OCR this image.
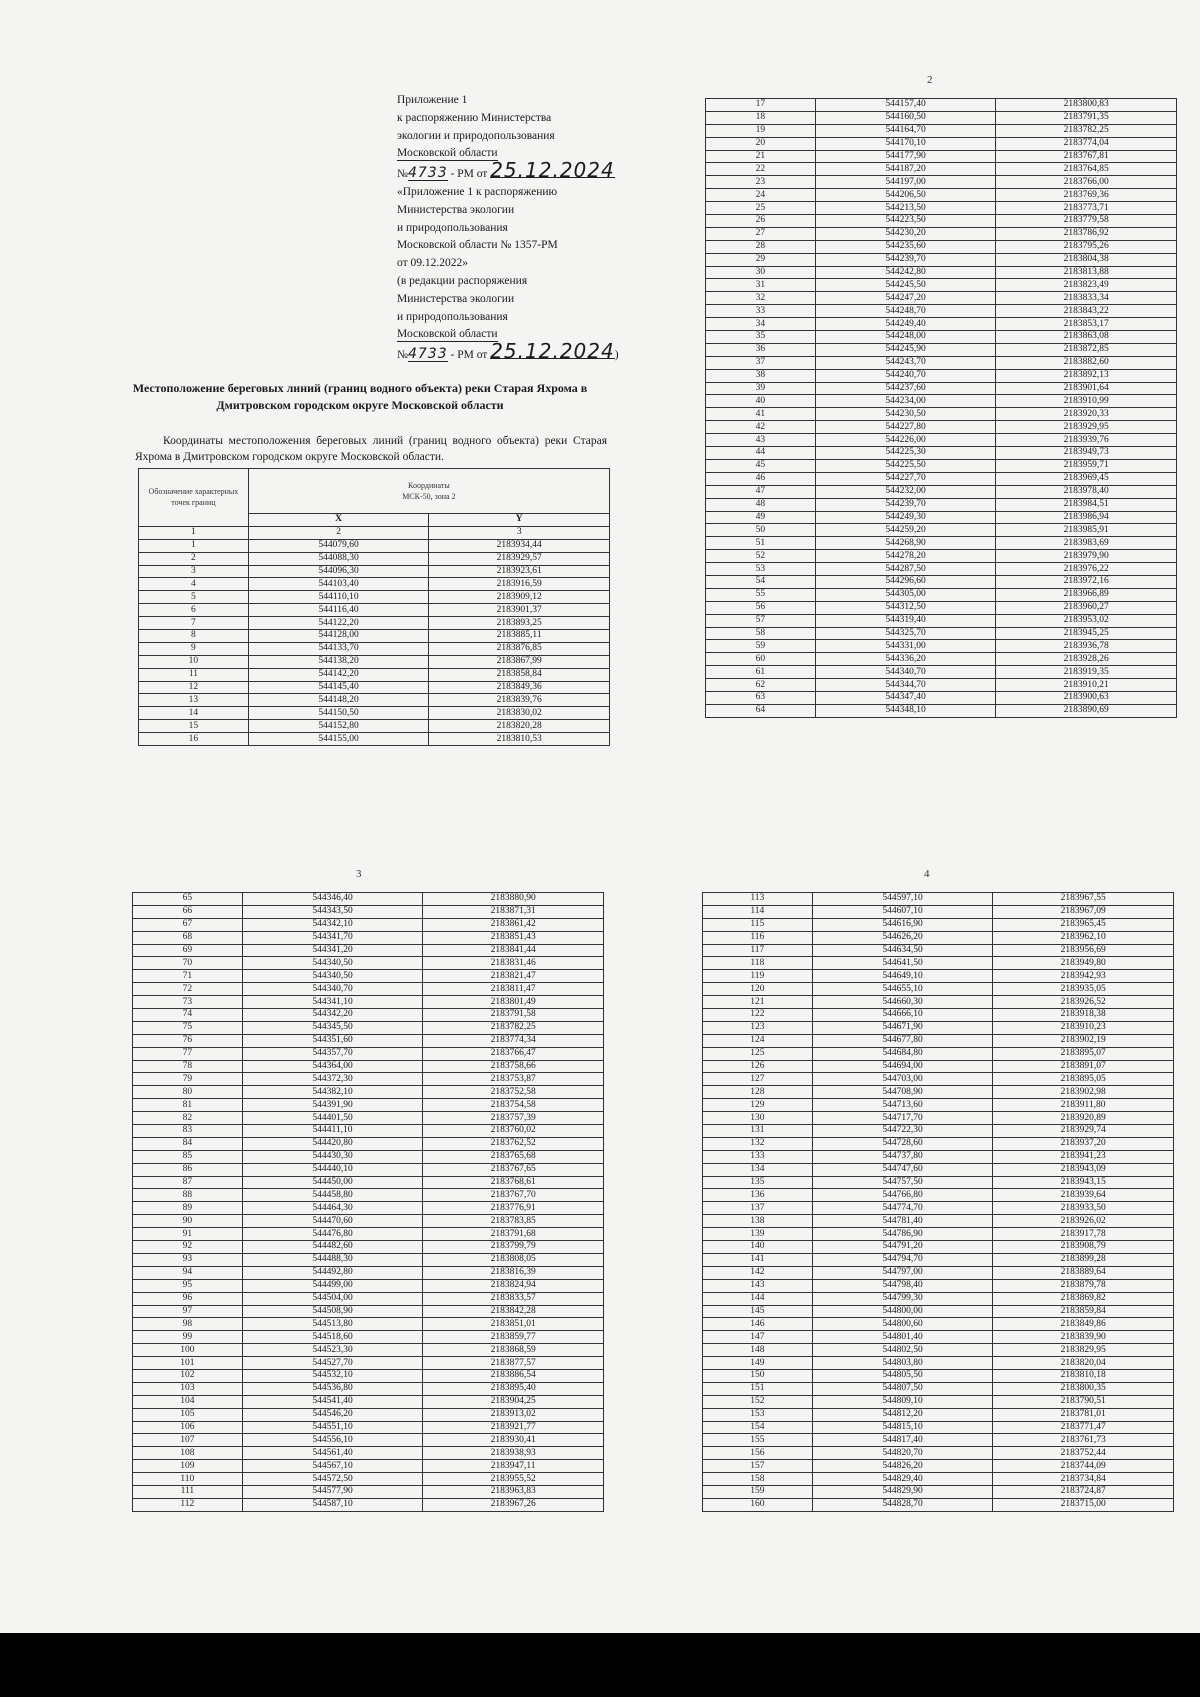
Приложение 1
к распоряжению Министерства
экологии и природопользования
Московской области
№4733 - РМ от 25.12.2024
«Приложение 1 к распоряжению
Министерства экологии
и природопользования
Московской области № 1357-РМ
от 09.12.2022»
(в редакции распоряжения
Министерства экологии
и природопользования
Московской области
№4733 - РМ от 25.12.2024)
Местоположение береговых линий (границ водного объекта) реки Старая Яхрома в Дмитровском городском округе Московской области
Координаты местоположения береговых линий (границ водного объекта) реки Старая Яхрома в Дмитровском городском округе Московской области.
Обозначение характерных точек границ	Координаты
МСК-50, зона 2	

	X	Y
1	2	3
1	544079,60	2183934,44
2	544088,30	2183929,57
3	544096,30	2183923,61
4	544103,40	2183916,59
5	544110,10	2183909,12
6	544116,40	2183901,37
7	544122,20	2183893,25
8	544128,00	2183885,11
9	544133,70	2183876,85
10	544138,20	2183867,99
11	544142,20	2183858,84
12	544145,40	2183849,36
13	544148,20	2183839,76
14	544150,50	2183830,02
15	544152,80	2183820,28
16	544155,00	2183810,53
2
17	544157,40	2183800,83
18	544160,50	2183791,35
19	544164,70	2183782,25
20	544170,10	2183774,04
21	544177,90	2183767,81
22	544187,20	2183764,85
23	544197,00	2183766,00
24	544206,50	2183769,36
25	544213,50	2183773,71
26	544223,50	2183779,58
27	544230,20	2183786,92
28	544235,60	2183795,26
29	544239,70	2183804,38
30	544242,80	2183813,88
31	544245,50	2183823,49
32	544247,20	2183833,34
33	544248,70	2183843,22
34	544249,40	2183853,17
35	544248,00	2183863,08
36	544245,90	2183872,85
37	544243,70	2183882,60
38	544240,70	2183892,13
39	544237,60	2183901,64
40	544234,00	2183910,99
41	544230,50	2183920,33
42	544227,80	2183929,95
43	544226,00	2183939,76
44	544225,30	2183949,73
45	544225,50	2183959,71
46	544227,70	2183969,45
47	544232,00	2183978,40
48	544239,70	2183984,51
49	544249,30	2183986,94
50	544259,20	2183985,91
51	544268,90	2183983,69
52	544278,20	2183979,90
53	544287,50	2183976,22
54	544296,60	2183972,16
55	544305,00	2183966,89
56	544312,50	2183960,27
57	544319,40	2183953,02
58	544325,70	2183945,25
59	544331,00	2183936,78
60	544336,20	2183928,26
61	544340,70	2183919,35
62	544344,70	2183910,21
63	544347,40	2183900,63
64	544348,10	2183890,69
3
65	544346,40	2183880,90
66	544343,50	2183871,31
67	544342,10	2183861,42
68	544341,70	2183851,43
69	544341,20	2183841,44
70	544340,50	2183831,46
71	544340,50	2183821,47
72	544340,70	2183811,47
73	544341,10	2183801,49
74	544342,20	2183791,58
75	544345,50	2183782,25
76	544351,60	2183774,34
77	544357,70	2183766,47
78	544364,00	2183758,66
79	544372,30	2183753,87
80	544382,10	2183752,58
81	544391,90	2183754,58
82	544401,50	2183757,39
83	544411,10	2183760,02
84	544420,80	2183762,52
85	544430,30	2183765,68
86	544440,10	2183767,65
87	544450,00	2183768,61
88	544458,80	2183767,70
89	544464,30	2183776,91
90	544470,60	2183783,85
91	544476,80	2183791,68
92	544482,60	2183799,79
93	544488,30	2183808,05
94	544492,80	2183816,39
95	544499,00	2183824,94
96	544504,00	2183833,57
97	544508,90	2183842,28
98	544513,80	2183851,01
99	544518,60	2183859,77
100	544523,30	2183868,59
101	544527,70	2183877,57
102	544532,10	2183886,54
103	544536,80	2183895,40
104	544541,40	2183904,25
105	544546,20	2183913,02
106	544551,10	2183921,77
107	544556,10	2183930,41
108	544561,40	2183938,93
109	544567,10	2183947,11
110	544572,50	2183955,52
111	544577,90	2183963,83
112	544587,10	2183967,26
4
113	544597,10	2183967,55
114	544607,10	2183967,09
115	544616,90	2183965,45
116	544626,20	2183962,10
117	544634,50	2183956,69
118	544641,50	2183949,80
119	544649,10	2183942,93
120	544655,10	2183935,05
121	544660,30	2183926,52
122	544666,10	2183918,38
123	544671,90	2183910,23
124	544677,80	2183902,19
125	544684,80	2183895,07
126	544694,00	2183891,07
127	544703,00	2183895,05
128	544708,90	2183902,98
129	544713,60	2183911,80
130	544717,70	2183920,89
131	544722,30	2183929,74
132	544728,60	2183937,20
133	544737,80	2183941,23
134	544747,60	2183943,09
135	544757,50	2183943,15
136	544766,80	2183939,64
137	544774,70	2183933,50
138	544781,40	2183926,02
139	544786,90	2183917,78
140	544791,20	2183908,79
141	544794,70	2183899,28
142	544797,00	2183889,64
143	544798,40	2183879,78
144	544799,30	2183869,82
145	544800,00	2183859,84
146	544800,60	2183849,86
147	544801,40	2183839,90
148	544802,50	2183829,95
149	544803,80	2183820,04
150	544805,50	2183810,18
151	544807,50	2183800,35
152	544809,10	2183790,51
153	544812,20	2183781,01
154	544815,10	2183771,47
155	544817,40	2183761,73
156	544820,70	2183752,44
157	544826,20	2183744,09
158	544829,40	2183734,84
159	544829,90	2183724,87
160	544828,70	2183715,00
